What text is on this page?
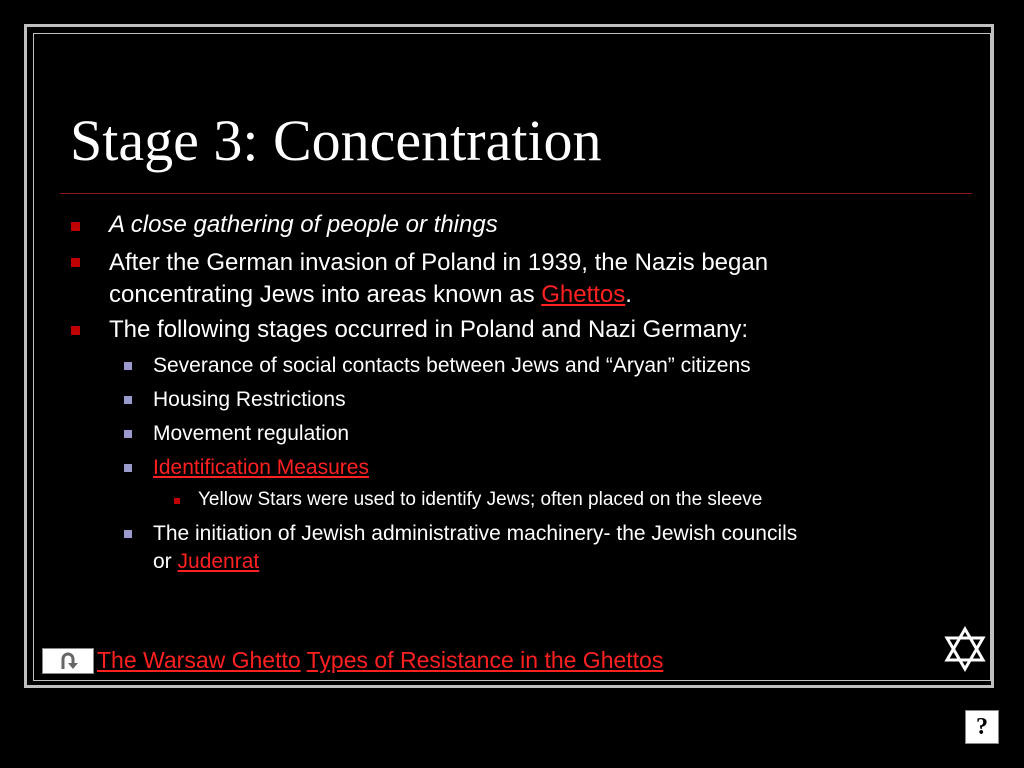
Stage 3: Concentration
A close gathering of people or things
After the German invasion of Poland in 1939, the Nazis began
concentrating Jews into areas known as Ghettos.
The following stages occurred in Poland and Nazi Germany:
Severance of social contacts between Jews and “Aryan” citizens
Housing Restrictions
Movement regulation
Identification Measures
Yellow Stars were used to identify Jews; often placed on the sleeve
The initiation of Jewish administrative machinery- the Jewish councils
or Judenrat
The Warsaw Ghetto Types of Resistance in the Ghettos
?
